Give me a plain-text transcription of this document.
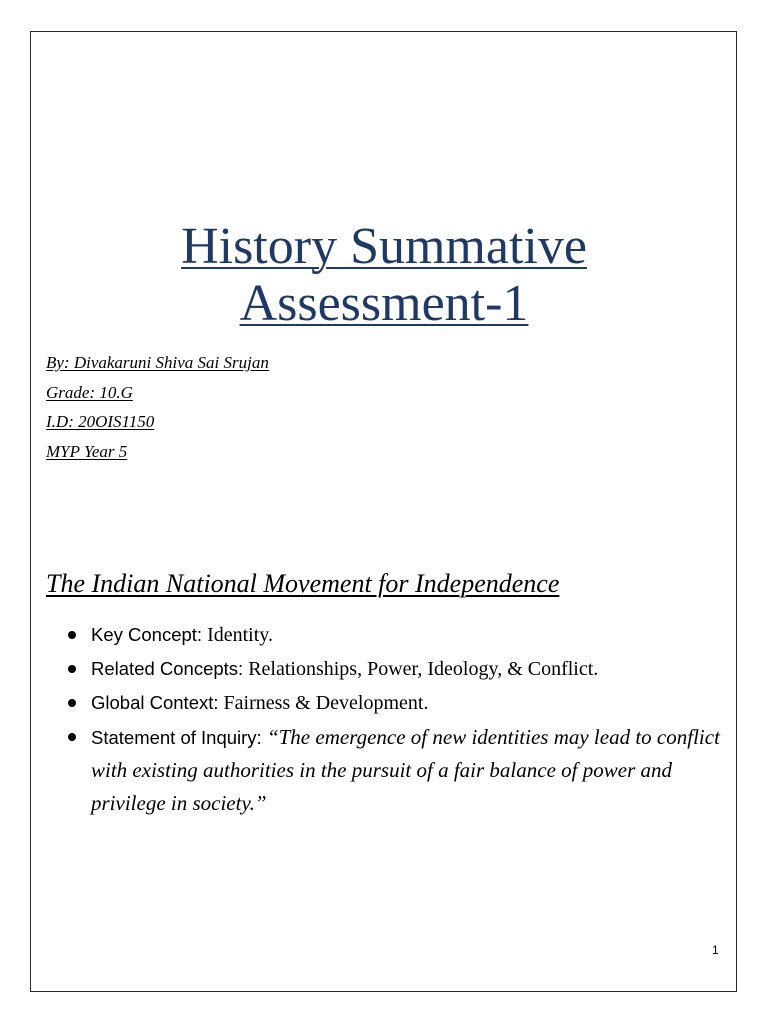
History Summative
Assessment-1
By: Divakaruni Shiva Sai Srujan
Grade: 10.G
I.D: 20OIS1150
MYP Year 5
The Indian National Movement for Independence
Key Concept: Identity.
Related Concepts: Relationships, Power, Ideology, & Conflict.
Global Context: Fairness & Development.
Statement of Inquiry: “The emergence of new identities may lead to conflict with existing authorities in the pursuit of a fair balance of power and privilege in society.”
1
